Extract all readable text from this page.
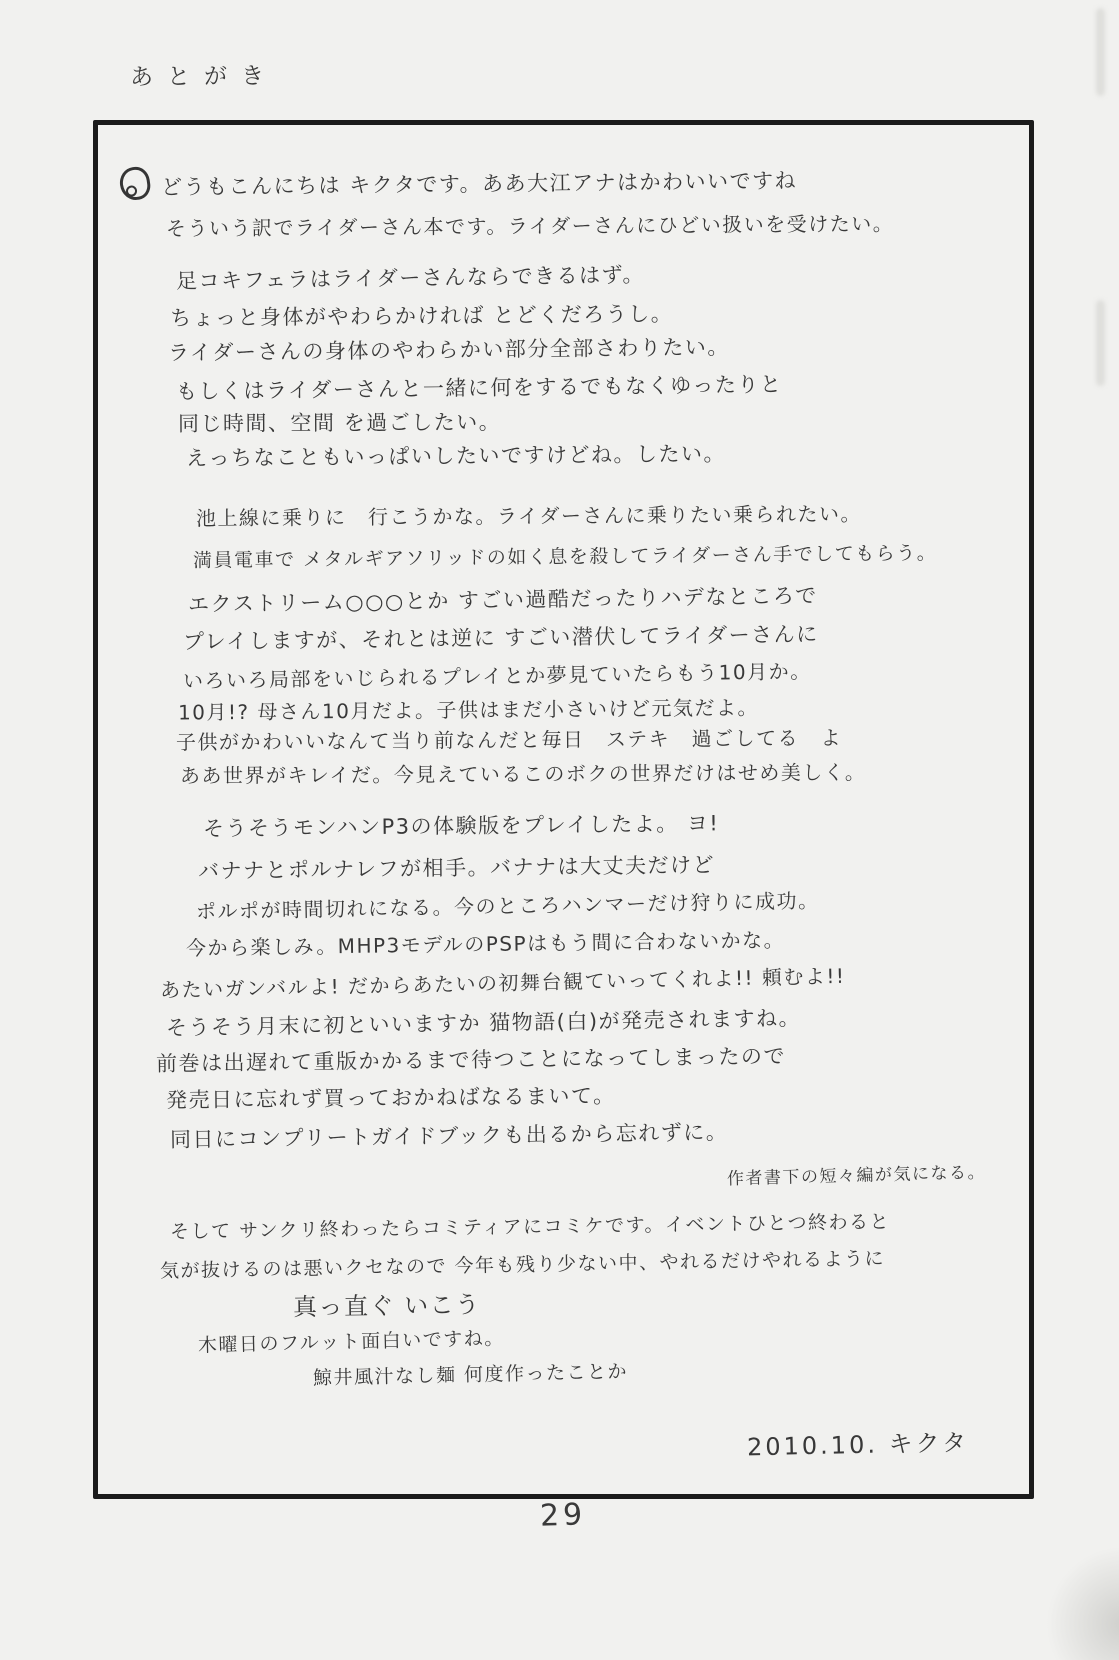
あとがき
2010.10. キクタ
どうもこんにちは キクタです。ああ大江アナはかわいいですね
そういう訳でライダーさん本です。ライダーさんにひどい扱いを受けたい。
足コキフェラはライダーさんならできるはず。
ちょっと身体がやわらかければ とどくだろうし。
ライダーさんの身体のやわらかい部分全部さわりたい。
もしくはライダーさんと一緒に何をするでもなくゆったりと
同じ時間、空間 を過ごしたい。
えっちなこともいっぱいしたいですけどね。したい。
池上線に乗りに　行こうかな。ライダーさんに乗りたい乗られたい。
満員電車で メタルギアソリッドの如く息を殺してライダーさん手でしてもらう。
エクストリーム○○○とか すごい過酷だったりハデなところで
プレイしますが、それとは逆に すごい潜伏してライダーさんに
いろいろ局部をいじられるプレイとか夢見ていたらもう10月か。
10月!? 母さん10月だよ。子供はまだ小さいけど元気だよ。
子供がかわいいなんて当り前なんだと毎日　ステキ　過ごしてる　よ
ああ世界がキレイだ。今見えているこのボクの世界だけはせめ美しく。
そうそうモンハンP3の体験版をプレイしたよ。 ヨ!
バナナとポルナレフが相手。バナナは大丈夫だけど
ポルポが時間切れになる。今のところハンマーだけ狩りに成功。
今から楽しみ。MHP3モデルのPSPはもう間に合わないかな。
あたいガンバルよ! だからあたいの初舞台観ていってくれよ!! 頼むよ!!
そうそう月末に初といいますか 猫物語(白)が発売されますね。
前巻は出遅れて重版かかるまで待つことになってしまったので
発売日に忘れず買っておかねばなるまいて。
同日にコンプリートガイドブックも出るから忘れずに。
作者書下の短々編が気になる。
そして サンクリ終わったらコミティアにコミケです。イベントひとつ終わると
気が抜けるのは悪いクセなので 今年も残り少ない中、やれるだけやれるように
真っ直ぐ いこう
木曜日のフルット面白いですね。
鯨井風汁なし麺 何度作ったことか
29
